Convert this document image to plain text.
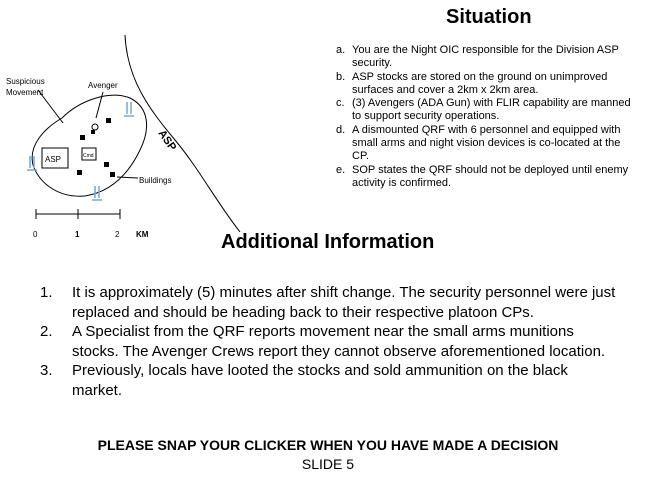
ASP
Suspicious
Movement
Avenger
Buildings
ASP	Cmd
0	1	2 KM
Situation
a. You are the Night OIC responsible for the Division ASP security.
b. ASP stocks are stored on the ground on unimproved surfaces and cover a 2km x 2km area.
c. (3) Avengers (ADA Gun) with FLIR capability are manned to support security operations.
d. A dismounted QRF with 6 personnel and equipped with small arms and night vision devices is co-located at the CP.
e. SOP states the QRF should not be deployed until enemy activity is confirmed.
Additional Information
1.	It is approximately (5) minutes after shift change. The security personnel were just replaced and should be heading back to their respective platoon CPs.
2.	A Specialist from the QRF reports movement near the small arms munitions stocks. The Avenger Crews report they cannot observe aforementioned location.
3.	Previously, locals have looted the stocks and sold ammunition on the black market.
PLEASE SNAP YOUR CLICKER WHEN YOU HAVE MADE A DECISION
SLIDE 5
